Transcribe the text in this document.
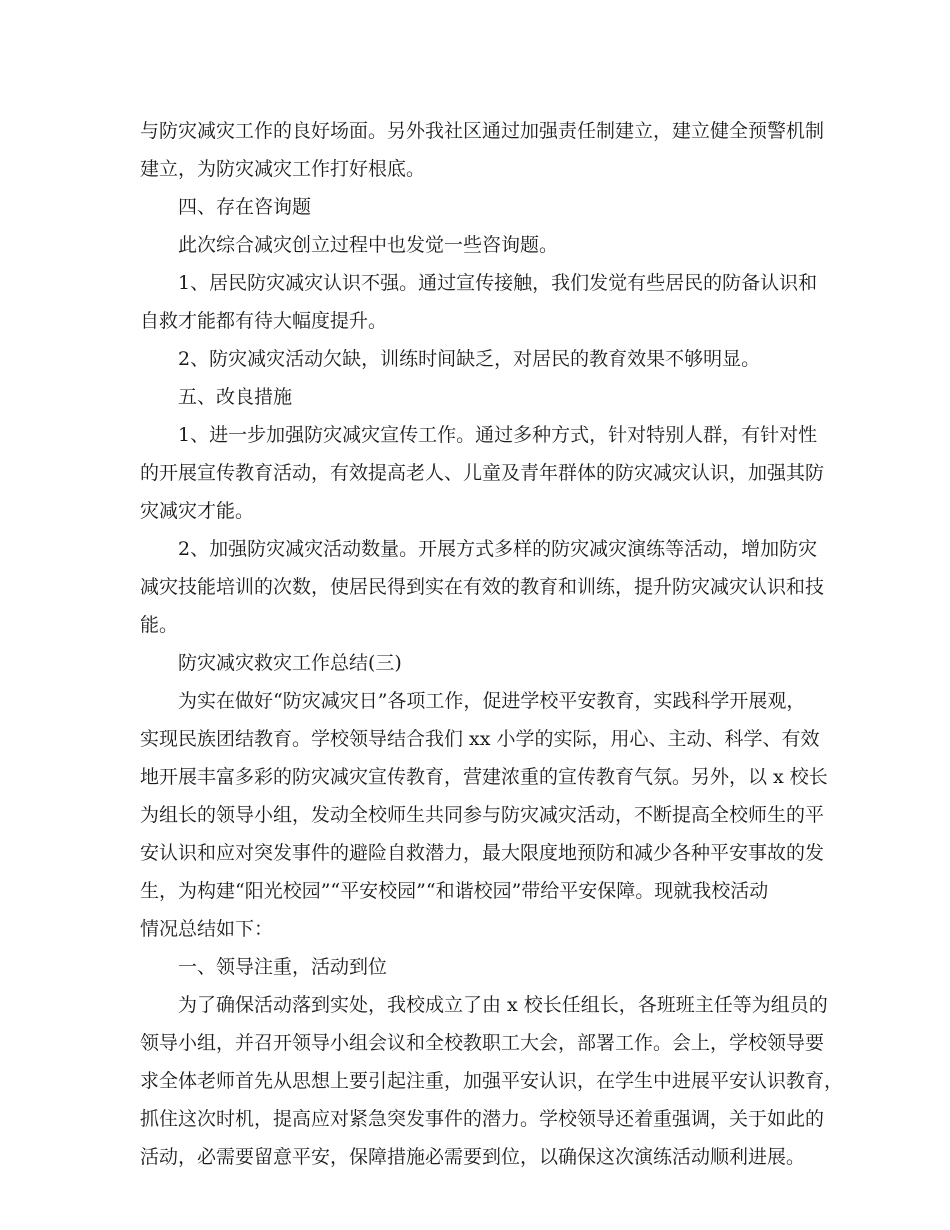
与防灾减灾工作的良好场面。另外我社区通过加强责任制建立，建立健全预警机制
建立，为防灾减灾工作打好根底。
四、存在咨询题
此次综合减灾创立过程中也发觉一些咨询题。
1、居民防灾减灾认识不强。通过宣传接触，我们发觉有些居民的防备认识和
自救才能都有待大幅度提升。
2、防灾减灾活动欠缺，训练时间缺乏，对居民的教育效果不够明显。
五、改良措施
1、进一步加强防灾减灾宣传工作。通过多种方式，针对特别人群，有针对性
的开展宣传教育活动，有效提高老人、儿童及青年群体的防灾减灾认识，加强其防
灾减灾才能。
2、加强防灾减灾活动数量。开展方式多样的防灾减灾演练等活动，增加防灾
减灾技能培训的次数，使居民得到实在有效的教育和训练，提升防灾减灾认识和技
能。
防灾减灾救灾工作总结(三)
为实在做好“防灾减灾日”各项工作，促进学校平安教育，实践科学开展观，
实现民族团结教育。学校领导结合我们 xx 小学的实际，用心、主动、科学、有效
地开展丰富多彩的防灾减灾宣传教育，营建浓重的宣传教育气氛。另外，以 x 校长
为组长的领导小组，发动全校师生共同参与防灾减灾活动，不断提高全校师生的平
安认识和应对突发事件的避险自救潜力，最大限度地预防和减少各种平安事故的发
生，为构建“阳光校园”“平安校园”“和谐校园”带给平安保障。现就我校活动
情况总结如下：
一、领导注重，活动到位
为了确保活动落到实处，我校成立了由 x 校长任组长，各班班主任等为组员的
领导小组，并召开领导小组会议和全校教职工大会，部署工作。会上，学校领导要
求全体老师首先从思想上要引起注重，加强平安认识，在学生中进展平安认识教育，
抓住这次时机，提高应对紧急突发事件的潜力。学校领导还着重强调，关于如此的
活动，必需要留意平安，保障措施必需要到位，以确保这次演练活动顺利进展。
